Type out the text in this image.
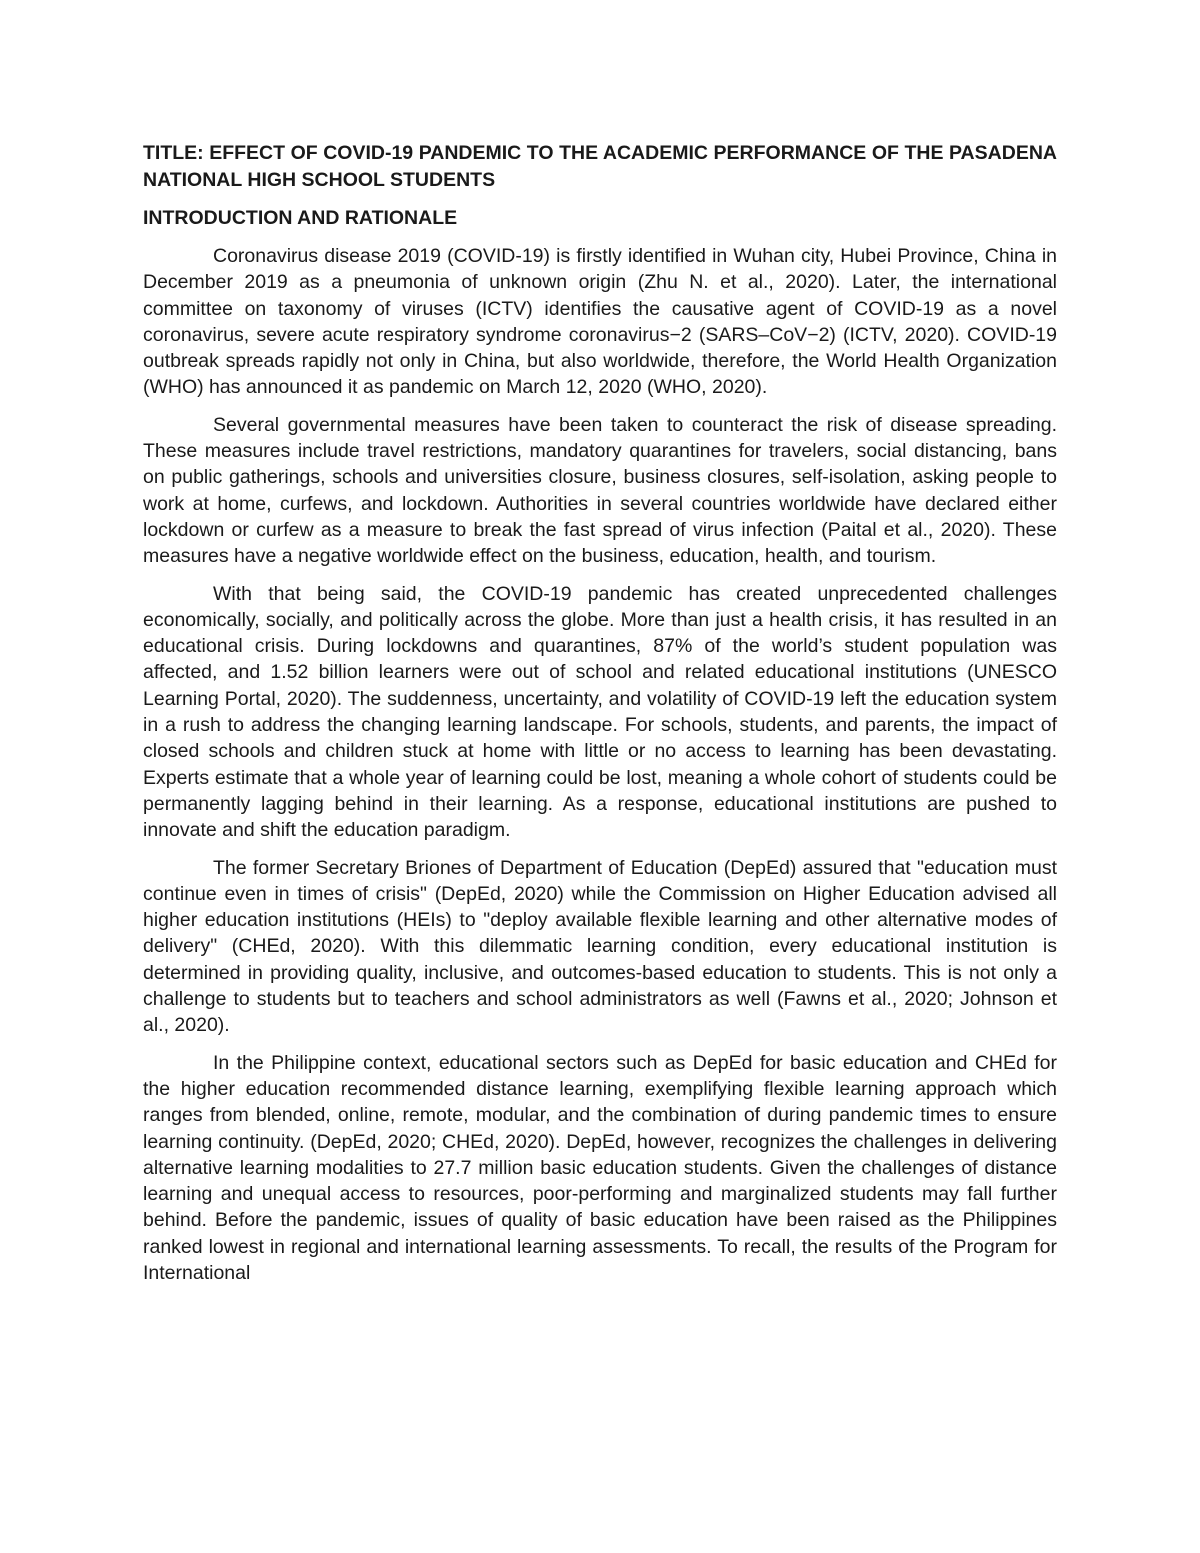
TITLE: EFFECT OF COVID-19 PANDEMIC TO THE ACADEMIC PERFORMANCE OF THE PASADENA NATIONAL HIGH SCHOOL STUDENTS
INTRODUCTION AND RATIONALE

Coronavirus disease 2019 (COVID-19) is firstly identified in Wuhan city, Hubei Province, China in December 2019 as a pneumonia of unknown origin (Zhu N. et al., 2020). Later, the international committee on taxonomy of viruses (ICTV) identifies the causative agent of COVID-19 as a novel coronavirus, severe acute respiratory syndrome coronavirus−2 (SARS–CoV−2) (ICTV, 2020). COVID-19 outbreak spreads rapidly not only in China, but also worldwide, therefore, the World Health Organization (WHO) has announced it as pandemic on March 12, 2020 (WHO, 2020).

Several governmental measures have been taken to counteract the risk of disease spreading. These measures include travel restrictions, mandatory quarantines for travelers, social distancing, bans on public gatherings, schools and universities closure, business closures, self-isolation, asking people to work at home, curfews, and lockdown. Authorities in several countries worldwide have declared either lockdown or curfew as a measure to break the fast spread of virus infection (Paital et al., 2020). These measures have a negative worldwide effect on the business, education, health, and tourism.

With that being said, the COVID-19 pandemic has created unprecedented challenges economically, socially, and politically across the globe. More than just a health crisis, it has resulted in an educational crisis. During lockdowns and quarantines, 87% of the world’s student population was affected, and 1.52 billion learners were out of school and related educational institutions (UNESCO Learning Portal, 2020). The suddenness, uncertainty, and volatility of COVID-19 left the education system in a rush to address the changing learning landscape. For schools, students, and parents, the impact of closed schools and children stuck at home with little or no access to learning has been devastating. Experts estimate that a whole year of learning could be lost, meaning a whole cohort of students could be permanently lagging behind in their learning. As a response, educational institutions are pushed to innovate and shift the education paradigm.

The former Secretary Briones of Department of Education (DepEd) assured that "education must continue even in times of crisis" (DepEd, 2020) while the Commission on Higher Education advised all higher education institutions (HEIs) to "deploy available flexible learning and other alternative modes of delivery" (CHEd, 2020). With this dilemmatic learning condition, every educational institution is determined in providing quality, inclusive, and outcomes-based education to students. This is not only a challenge to students but to teachers and school administrators as well (Fawns et al., 2020; Johnson et al., 2020).

In the Philippine context, educational sectors such as DepEd for basic education and CHEd for the higher education recommended distance learning, exemplifying flexible learning approach which ranges from blended, online, remote, modular, and the combination of during pandemic times to ensure learning continuity. (DepEd, 2020; CHEd, 2020). DepEd, however, recognizes the challenges in delivering alternative learning modalities to 27.7 million basic education students. Given the challenges of distance learning and unequal access to resources, poor-performing and marginalized students may fall further behind. Before the pandemic, issues of quality of basic education have been raised as the Philippines ranked lowest in regional and international learning assessments. To recall, the results of the Program for International
